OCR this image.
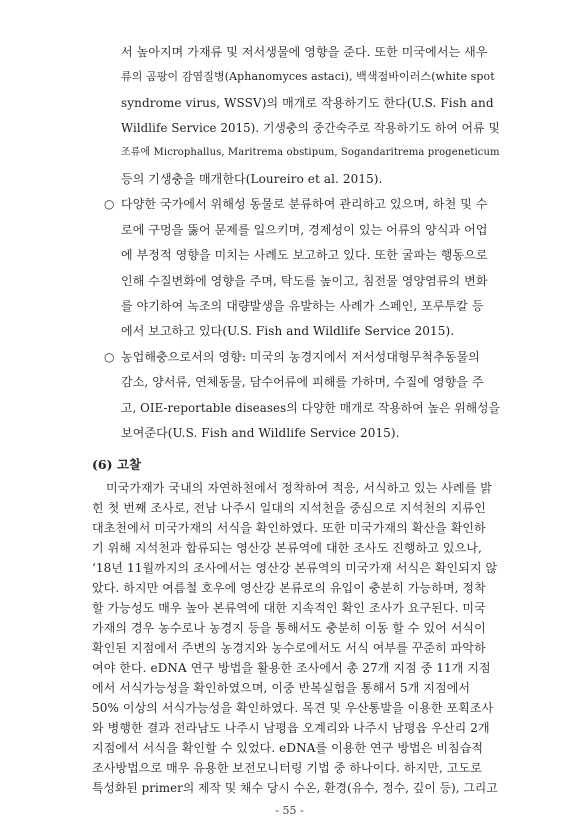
서 높아지며 가재류 및 저서생물에 영향을 준다. 또한 미국에서는 새우
류의 곰팡이 감염질병(Aphanomyces astaci), 백색점바이러스(white spot
syndrome virus, WSSV)의 매개로 작용하기도 한다(U.S. Fish and
Wildlife Service 2015). 기생충의 중간숙주로 작용하기도 하여 어류 및
조류에 Microphallus, Maritrema obstipum, Sogandaritrema progeneticum
등의 기생충을 매개한다(Loureiro et al. 2015).
○ 다양한 국가에서 위해성 동물로 분류하여 관리하고 있으며, 하천 및 수
로에 구멍을 뚫어 문제를 일으키며, 경제성이 있는 어류의 양식과 어업
에 부정적 영향을 미치는 사례도 보고하고 있다. 또한 굴파는 행동으로
인해 수질변화에 영향을 주며, 탁도를 높이고, 침전물 영양염류의 변화
를 야기하여 녹조의 대량발생을 유발하는 사례가 스페인, 포루투칼 등
에서 보고하고 있다(U.S. Fish and Wildlife Service 2015).
○ 농업해충으로서의 영향: 미국의 농경지에서 저서성대형무척추동물의
감소, 양서류, 연체동물, 담수어류에 피해를 가하며, 수질에 영향을 주
고, OIE-reportable diseases의 다양한 매개로 작용하여 높은 위해성을
보여준다(U.S. Fish and Wildlife Service 2015).
(6) 고찰
미국가재가 국내의 자연하천에서 정착하여 적응, 서식하고 있는 사례를 밝
힌 첫 번째 조사로, 전남 나주시 일대의 지석천을 중심으로 지석천의 지류인
대초천에서 미국가재의 서식을 확인하였다. 또한 미국가재의 확산을 확인하
기 위해 지석천과 합류되는 영산강 본류역에 대한 조사도 진행하고 있으나,
‘18년 11월까지의 조사에서는 영산강 본류역의 미국가재 서식은 확인되지 않
았다. 하지만 여름철 호우에 영산강 본류로의 유입이 충분히 가능하며, 정착
할 가능성도 매우 높아 본류역에 대한 지속적인 확인 조사가 요구된다. 미국
가재의 경우 농수로나 농경지 등을 통해서도 충분히 이동 할 수 있어 서식이
확인된 지점에서 주변의 농경지와 농수로에서도 서식 여부를 꾸준히 파악하
여야 한다. eDNA 연구 방법을 활용한 조사에서 총 27개 지점 중 11개 지점
에서 서식가능성을 확인하였으며, 이중 반복실험을 통해서 5개 지점에서
50% 이상의 서식가능성을 확인하였다. 목견 및 우산통발을 이용한 포획조사
와 병행한 결과 전라남도 나주시 남평읍 오계리와 나주시 남평읍 우산리 2개
지점에서 서식을 확인할 수 있었다. eDNA를 이용한 연구 방법은 비침습적
조사방법으로 매우 유용한 보전모니터링 기법 중 하나이다. 하지만, 고도로
특성화된 primer의 제작 및 채수 당시 수온, 환경(유수, 정수, 깊이 등), 그리고
- 55 -
